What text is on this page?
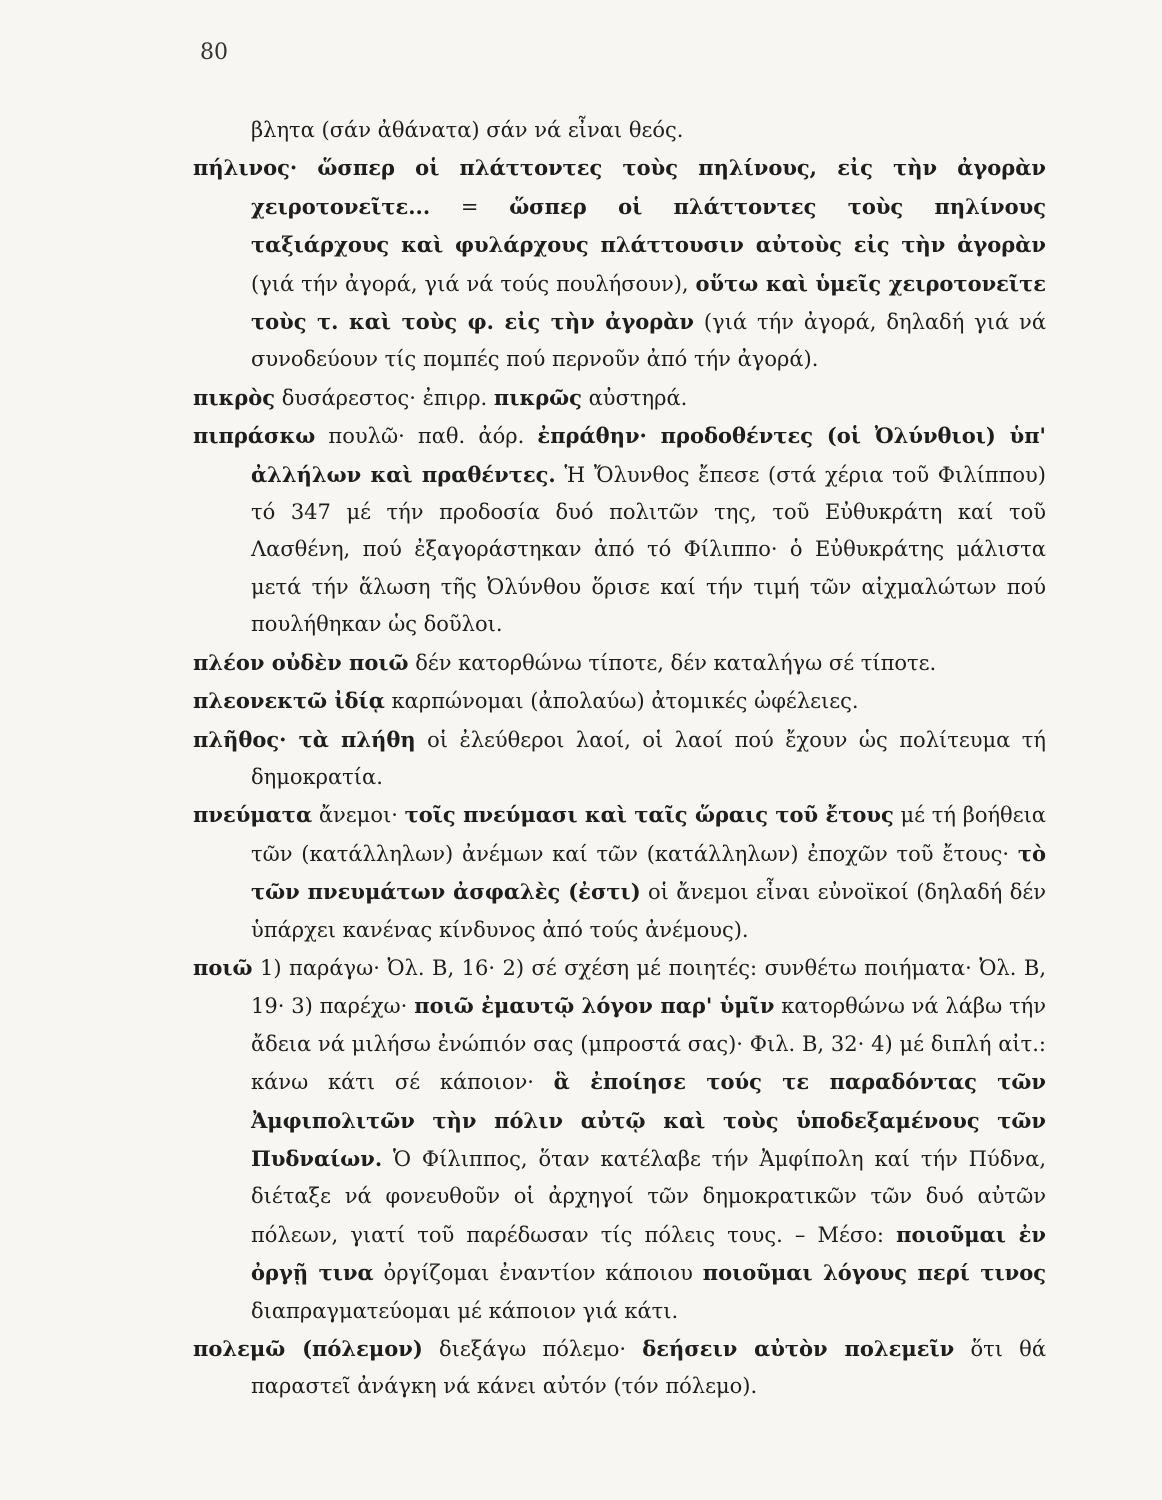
80

βλητα (σάν ἀθάνατα) σάν νά εἶναι θεός.

πήλινος· ὥσπερ οἱ πλάττοντες τοὺς πηλίνους, εἰς τὴν ἀγορὰν χειροτονεῖτε... = ὥσπερ οἱ πλάττοντες τοὺς πηλίνους ταξιάρχους καὶ φυλάρχους πλάττουσιν αὐτοὺς εἰς τὴν ἀγορὰν (γιά τήν ἀγορά, γιά νά τούς πουλήσουν), οὕτω καὶ ὑμεῖς χειροτονεῖτε τοὺς τ. καὶ τοὺς φ. εἰς τὴν ἀγορὰν (γιά τήν ἀγορά, δηλαδή γιά νά συνοδεύουν τίς πομπές πού περνοῦν ἀπό τήν ἀγορά).

πικρὸς δυσάρεστος· ἐπιρρ. πικρῶς αὐστηρά.

πιπράσκω πουλῶ· παθ. ἀόρ. ἐπράθην· προδοθέντες (οἱ Ὀλύνθιοι) ὑπ' ἀλλήλων καὶ πραθέντες. Ἡ Ὄλυνθος ἔπεσε (στά χέρια τοῦ Φιλίππου) τό 347 μέ τήν προδοσία δυό πολιτῶν της, τοῦ Εὐθυκράτη καί τοῦ Λασθένη, πού ἐξαγοράστηκαν ἀπό τό Φίλιππο· ὁ Εὐθυκράτης μάλιστα μετά τήν ἅλωση τῆς Ὀλύνθου ὅρισε καί τήν τιμή τῶν αἰχμαλώτων πού πουλήθηκαν ὡς δοῦλοι.

πλέον οὐδὲν ποιῶ δέν κατορθώνω τίποτε, δέν καταλήγω σέ τίποτε.

πλεονεκτῶ ἰδίᾳ καρπώνομαι (ἀπολαύω) ἀτομικές ὠφέλειες.

πλῆθος· τὰ πλήθη οἱ ἐλεύθεροι λαοί, οἱ λαοί πού ἔχουν ὡς πολίτευμα τή δημοκρατία.

πνεύματα ἄνεμοι· τοῖς πνεύμασι καὶ ταῖς ὥραις τοῦ ἔτους μέ τή βοήθεια τῶν (κατάλληλων) ἀνέμων καί τῶν (κατάλληλων) ἐποχῶν τοῦ ἔτους· τὸ τῶν πνευμάτων ἀσφαλὲς (ἐστι) οἱ ἄνεμοι εἶναι εὐνοϊκοί (δηλαδή δέν ὑπάρχει κανένας κίνδυνος ἀπό τούς ἀνέμους).

ποιῶ 1) παράγω· Ὀλ. Β, 16· 2) σέ σχέση μέ ποιητές: συνθέτω ποιήματα· Ὀλ. Β, 19· 3) παρέχω· ποιῶ ἐμαυτῷ λόγον παρ' ὑμῖν κατορθώνω νά λάβω τήν ἄδεια νά μιλήσω ἐνώπιόν σας (μπροστά σας)· Φιλ. Β, 32· 4) μέ διπλή αἰτ.: κάνω κάτι σέ κάποιον· ἃ ἐποίησε τούς τε παραδόντας τῶν Ἀμφιπολιτῶν τὴν πόλιν αὐτῷ καὶ τοὺς ὑποδεξαμένους τῶν Πυδναίων. Ὁ Φίλιππος, ὅταν κατέλαβε τήν Ἀμφίπολη καί τήν Πύδνα, διέταξε νά φονευθοῦν οἱ ἀρχηγοί τῶν δημοκρατικῶν τῶν δυό αὐτῶν πόλεων, γιατί τοῦ παρέδωσαν τίς πόλεις τους. – Μέσο: ποιοῦμαι ἐν ὀργῇ τινα ὀργίζομαι ἐναντίον κάποιου ποιοῦμαι λόγους περί τινος διαπραγματεύομαι μέ κάποιον γιά κάτι.

πολεμῶ (πόλεμον) διεξάγω πόλεμο· δεήσειν αὐτὸν πολεμεῖν ὅτι θά παραστεῖ ἀνάγκη νά κάνει αὐτόν (τόν πόλεμο).
